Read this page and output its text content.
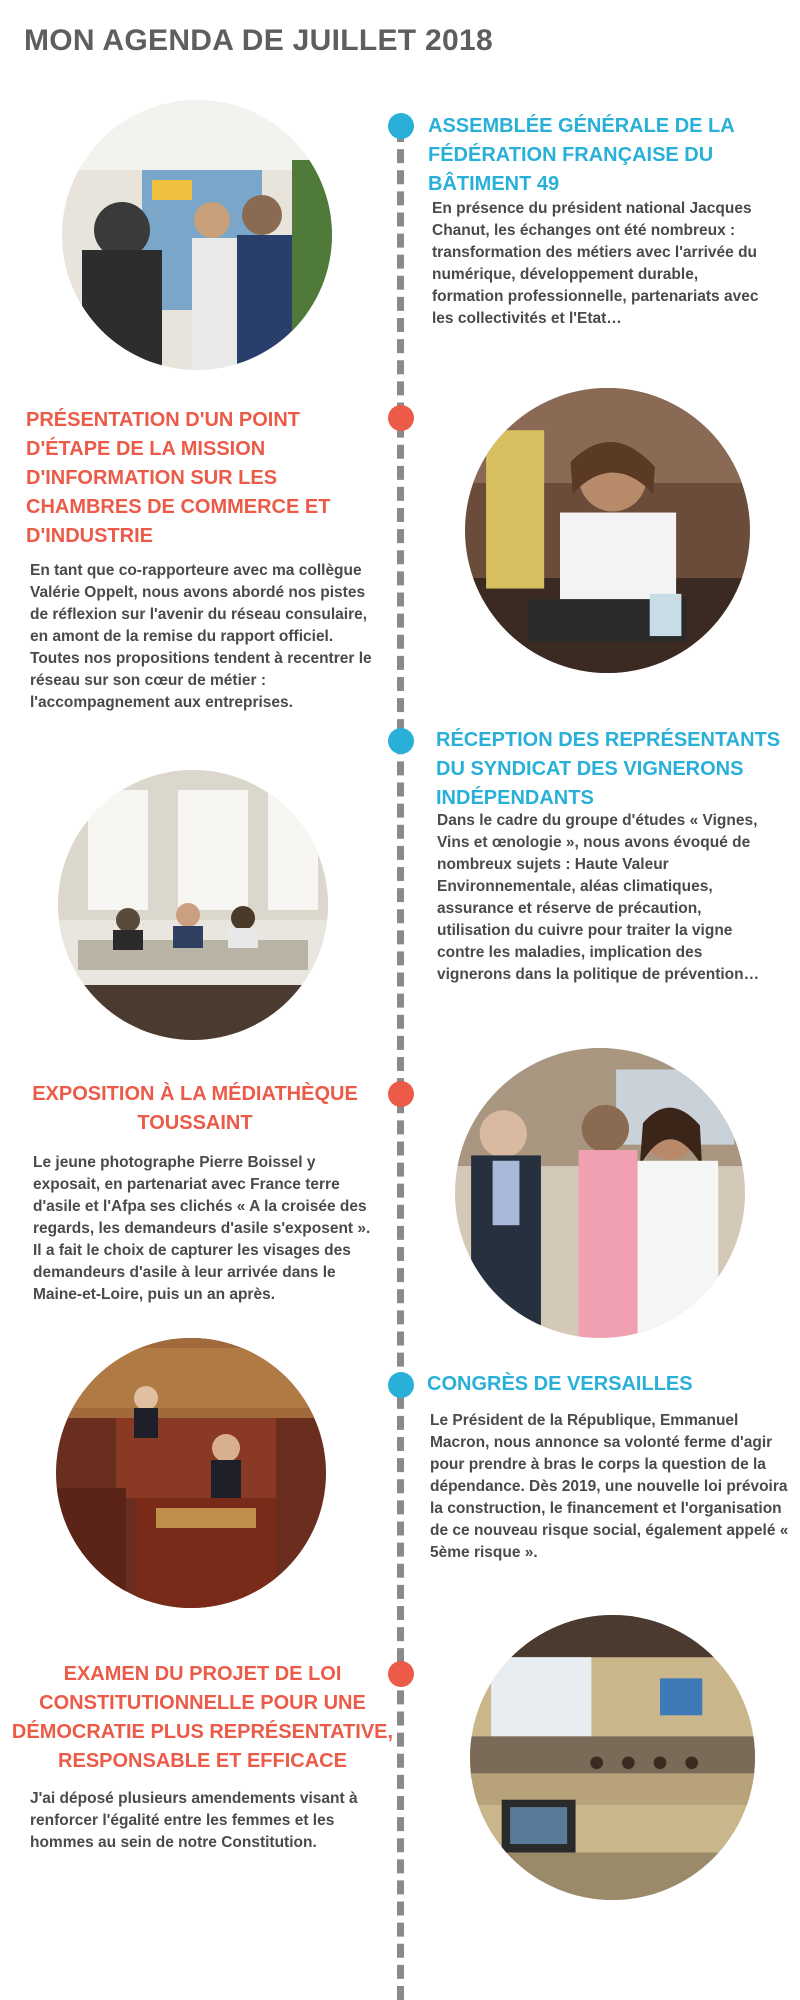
MON AGENDA DE JUILLET 2018
ASSEMBLÉE GÉNÉRALE DE LA FÉDÉRATION FRANÇAISE DU BÂTIMENT 49

En présence du président national Jacques Chanut, les échanges ont été nombreux : transformation des métiers avec l'arrivée du numérique, développement durable, formation professionnelle, partenariats avec les collectivités et l'Etat…

PRÉSENTATION D'UN POINT D'ÉTAPE DE LA MISSION D'INFORMATION SUR LES CHAMBRES DE COMMERCE ET D'INDUSTRIE

En tant que co-rapporteure avec ma collègue Valérie Oppelt, nous avons abordé nos pistes de réflexion sur l'avenir du réseau consulaire, en amont de la remise du rapport officiel. Toutes nos propositions tendent à recentrer le réseau sur son cœur de métier : l'accompagnement aux entreprises.

RÉCEPTION DES REPRÉSENTANTS DU SYNDICAT DES VIGNERONS INDÉPENDANTS

Dans le cadre du groupe d'études « Vignes, Vins et œnologie », nous avons évoqué de nombreux sujets : Haute Valeur Environnementale, aléas climatiques, assurance et réserve de précaution, utilisation du cuivre pour traiter la vigne contre les maladies, implication des vignerons dans la politique de prévention…

EXPOSITION À LA MÉDIATHÈQUE TOUSSAINT

Le jeune photographe Pierre Boissel y exposait, en partenariat avec France terre d'asile et l'Afpa ses clichés « A la croisée des regards, les demandeurs d'asile s'exposent ». Il a fait le choix de capturer les visages des demandeurs d'asile à leur arrivée dans le Maine-et-Loire, puis un an après.

CONGRÈS DE VERSAILLES

Le Président de la République, Emmanuel Macron, nous annonce sa volonté ferme d'agir pour prendre à bras le corps la question de la dépendance. Dès 2019, une nouvelle loi prévoira la construction, le financement et l'organisation de ce nouveau risque social, également appelé « 5ème risque ».

EXAMEN DU PROJET DE LOI CONSTITUTIONNELLE POUR UNE DÉMOCRATIE PLUS REPRÉSENTATIVE, RESPONSABLE ET EFFICACE

J'ai déposé plusieurs amendements visant à renforcer l'égalité entre les femmes et les hommes au sein de notre Constitution.
